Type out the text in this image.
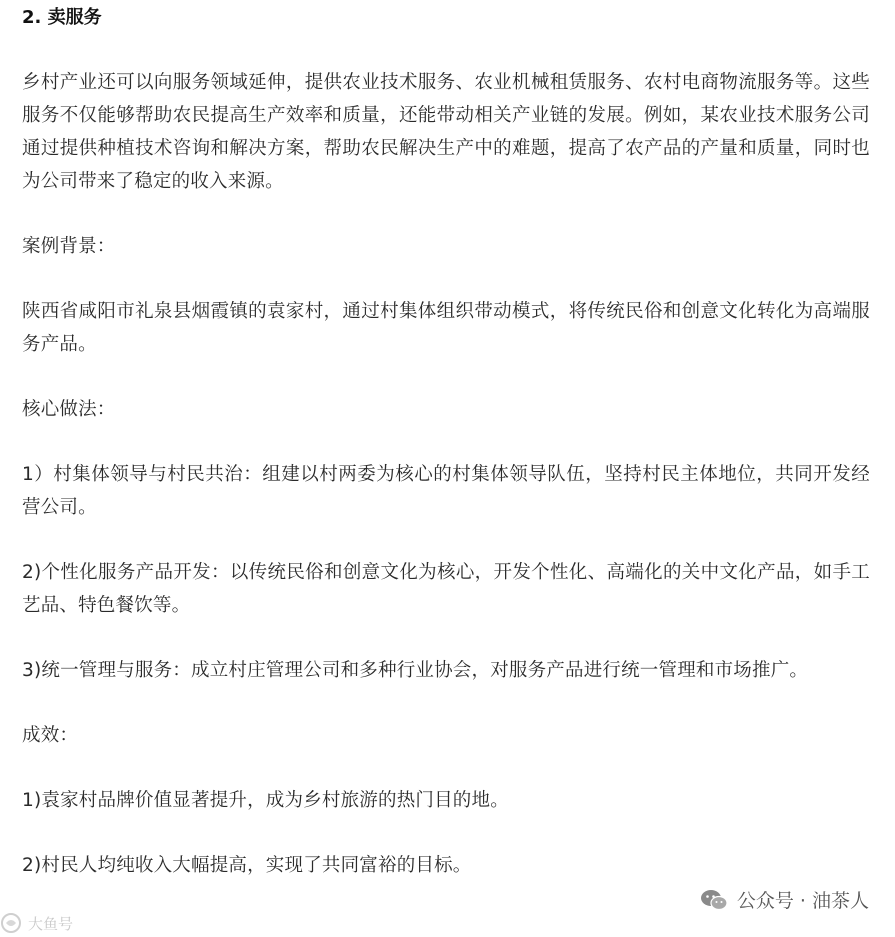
2. 卖服务

乡村产业还可以向服务领域延伸，提供农业技术服务、农业机械租赁服务、农村电商物流服务等。这些服务不仅能够帮助农民提高生产效率和质量，还能带动相关产业链的发展。例如，某农业技术服务公司通过提供种植技术咨询和解决方案，帮助农民解决生产中的难题，提高了农产品的产量和质量，同时也为公司带来了稳定的收入来源。

案例背景：

陕西省咸阳市礼泉县烟霞镇的袁家村，通过村集体组织带动模式，将传统民俗和创意文化转化为高端服务产品。

核心做法：

1）村集体领导与村民共治：组建以村两委为核心的村集体领导队伍，坚持村民主体地位，共同开发经营公司。

2)个性化服务产品开发：以传统民俗和创意文化为核心，开发个性化、高端化的关中文化产品，如手工艺品、特色餐饮等。

3)统一管理与服务：成立村庄管理公司和多种行业协会，对服务产品进行统一管理和市场推广。

成效：

1)袁家村品牌价值显著提升，成为乡村旅游的热门目的地。

2)村民人均纯收入大幅提高，实现了共同富裕的目标。

大鱼号
公众号 · 油茶人
